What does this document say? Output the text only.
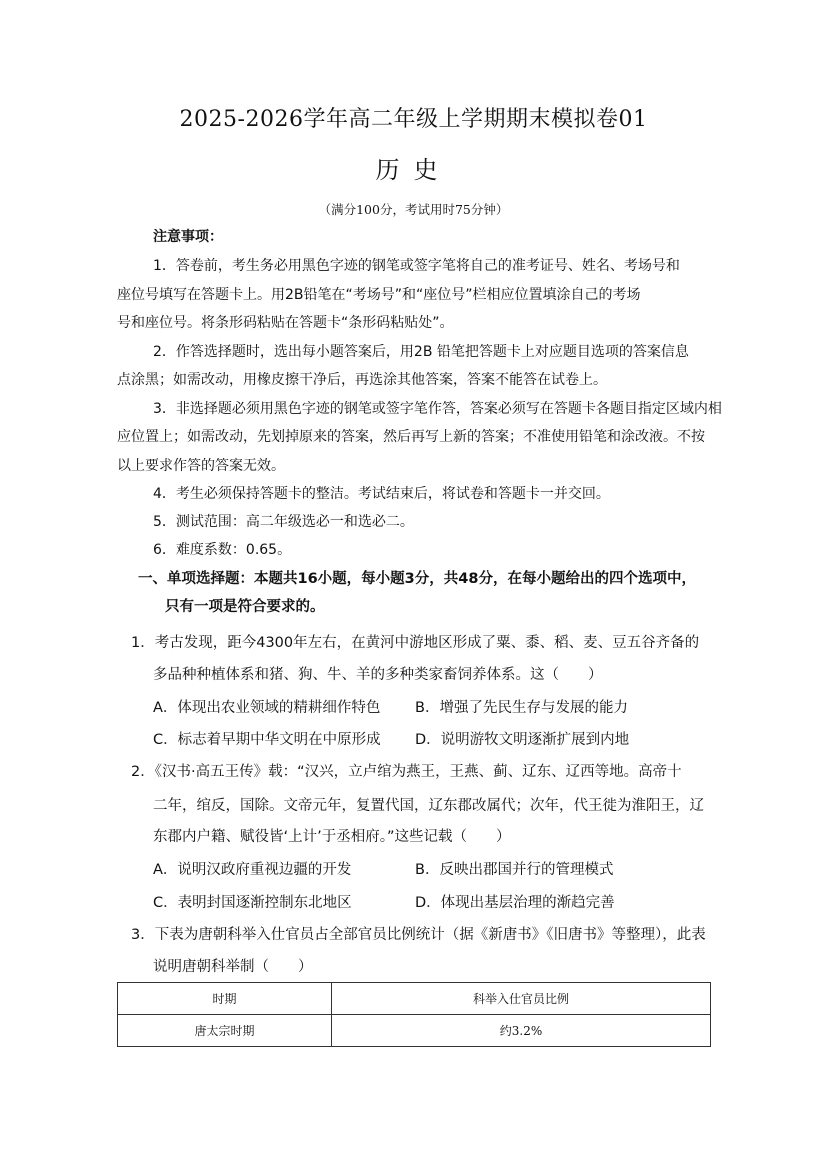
2025-2026学年高二年级上学期期末模拟卷01
历史
（满分100分，考试用时75分钟）
注意事项：
1．答卷前，考生务必用黑色字迹的钢笔或签字笔将自己的准考证号、姓名、考场号和
座位号填写在答题卡上。用2B铅笔在“考场号”和“座位号”栏相应位置填涂自己的考场
号和座位号。将条形码粘贴在答题卡“条形码粘贴处”。
2．作答选择题时，选出每小题答案后，用2B 铅笔把答题卡上对应题目选项的答案信息
点涂黑；如需改动，用橡皮擦干净后，再选涂其他答案，答案不能答在试卷上。
3．非选择题必须用黑色字迹的钢笔或签字笔作答，答案必须写在答题卡各题目指定区域内相
应位置上；如需改动，先划掉原来的答案，然后再写上新的答案；不准使用铅笔和涂改液。不按
以上要求作答的答案无效。
4．考生必须保持答题卡的整洁。考试结束后，将试卷和答题卡一并交回。
5．测试范围：高二年级选必一和选必二。
6．难度系数：0.65。
一、单项选择题：本题共16小题，每小题3分，共48分，在每小题给出的四个选项中，
只有一项是符合要求的。
1．考古发现，距今4300年左右，在黄河中游地区形成了粟、黍、稻、麦、豆五谷齐备的
多品种种植体系和猪、狗、牛、羊的多种类家畜饲养体系。这（　　）
A．体现出农业领域的精耕细作特色 B．增强了先民生存与发展的能力
C．标志着早期中华文明在中原形成 D．说明游牧文明逐渐扩展到内地
2．《汉书·高五王传》载：“汉兴，立卢绾为燕王，王燕、蓟、辽东、辽西等地。高帝十
二年，绾反，国除。文帝元年，复置代国，辽东郡改属代；次年，代王徙为淮阳王，辽
东郡内户籍、赋役皆‘上计’于丞相府。”这些记载（　　）
A．说明汉政府重视边疆的开发	B．反映出郡国并行的管理模式
C．表明封国逐渐控制东北地区	D．体现出基层治理的渐趋完善
3．下表为唐朝科举入仕官员占全部官员比例统计（据《新唐书》《旧唐书》等整理），此表
说明唐朝科举制（　　）
时期	科举入仕官员比例
唐太宗时期	约3.2%
